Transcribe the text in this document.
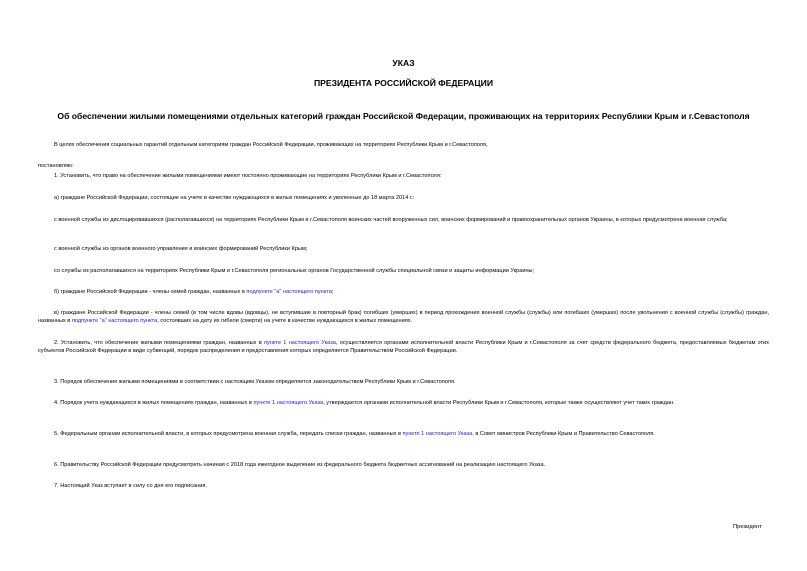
УКАЗ
ПРЕЗИДЕНТА РОССИЙСКОЙ ФЕДЕРАЦИИ
Об обеспечении жилыми помещениями отдельных категорий граждан Российской Федерации, проживающих на территориях Республики Крым и г.Севастополя
В целях обеспечения социальных гарантий отдельным категориям граждан Российской Федерации, проживающих на территориях Республики Крым и г.Севастополя,
постановляю:
1. Установить, что право на обеспечение жилыми помещениями имеют постоянно проживающие на территориях Республики Крым и г.Севастополя:
а) граждане Российской Федерации, состоящие на учете в качестве нуждающихся в жилых помещениях и уволенные до 18 марта 2014 г.:
с военной службы из дислоцировавшихся (располагавшихся) на территориях Республики Крым и г.Севастополя воинских частей вооруженных сил, воинских формирований и правоохранительных органов Украины, в которых предусмотрена военная служба;
с военной службы из органов военного управления и воинских формирований Республики Крым;
со службы из располагавшихся на территориях Республики Крым и г.Севастополя региональных органов Государственной службы специальной связи и защиты информации Украины;
б) граждане Российской Федерации - члены семей граждан, названных в подпункте "а" настоящего пункта;
в) граждане Российской Федерации - члены семей (в том числе вдовы (вдовцы), не вступившие в повторный брак) погибших (умерших) в период прохождения военной службы (службы) или погибших (умерших) после увольнения с военной службы (службы) граждан, названных в подпункте "а" настоящего пункта, состоявших на дату их гибели (смерти) на учете в качестве нуждающихся в жилых помещениях.
2. Установить, что обеспечение жилыми помещениями граждан, названных в пункте 1 настоящего Указа, осуществляется органами исполнительной власти Республики Крым и г.Севастополя за счет средств федерального бюджета, предоставляемых бюджетам этих субъектов Российской Федерации в виде субвенций, порядок распределения и предоставления которых определяется Правительством Российской Федерации.
3. Порядок обеспечения жилыми помещениями в соответствии с настоящим Указом определяется законодательством Республики Крым и г.Севастополя.
4. Порядок учета нуждающихся в жилых помещениях граждан, названных в пункте 1 настоящего Указа, утверждается органами исполнительной власти Республики Крым и г.Севастополя, которые также осуществляют учет таких граждан.
5. Федеральным органам исполнительной власти, в которых предусмотрена военная служба, передать списки граждан, названных в пункте 1 настоящего Указа, в Совет министров Республики Крым и Правительство Севастополя.
6. Правительству Российской Федерации предусмотреть начиная с 2018 года ежегодное выделение из федерального бюджета бюджетных ассигнований на реализацию настоящего Указа.
7. Настоящий Указ вступает в силу со дня его подписания.
Президент
